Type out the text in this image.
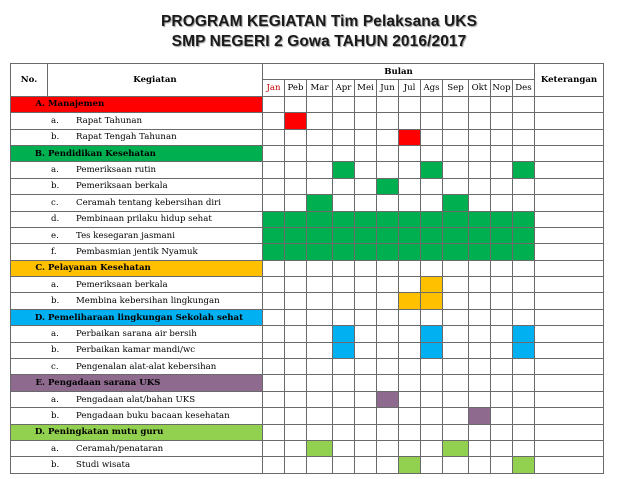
PROGRAM KEGIATAN Tim Pelaksana UKS
SMP NEGERI 2 Gowa TAHUN 2016/2017
No.	Kegiatan	Bulan												Keterangan
		Jan	Peb	Mar	Apr	Mei	Jun	Jul	Ags	Sep	Okt	Nop	Des	
A. Manajemen														
a. Rapat Tahunan														
b. Rapat Tengah Tahunan														
B. Pendidikan Kesehatan														
a. Pemeriksaan rutin														
b. Pemeriksaan berkala														
c. Ceramah tentang kebersihan diri														
d. Pembinaan prilaku hidup sehat														
e. Tes kesegaran jasmani														
f. Pembasmian jentik Nyamuk														
C. Pelayanan Kesehatan														
a. Pemeriksaan berkala														
b. Membina kebersihan lingkungan														
D. Pemeliharaan lingkungan Sekolah sehat														
a. Perbaikan sarana air bersih														
b. Perbaikan kamar mandi/wc														
c. Pengenalan alat-alat kebersihan														
E. Pengadaan sarana UKS														
a. Pengadaan alat/bahan UKS														
b. Pengadaan buku bacaan kesehatan														
D. Peningkatan mutu guru														
a. Ceramah/penataran														
b. Studi wisata														
